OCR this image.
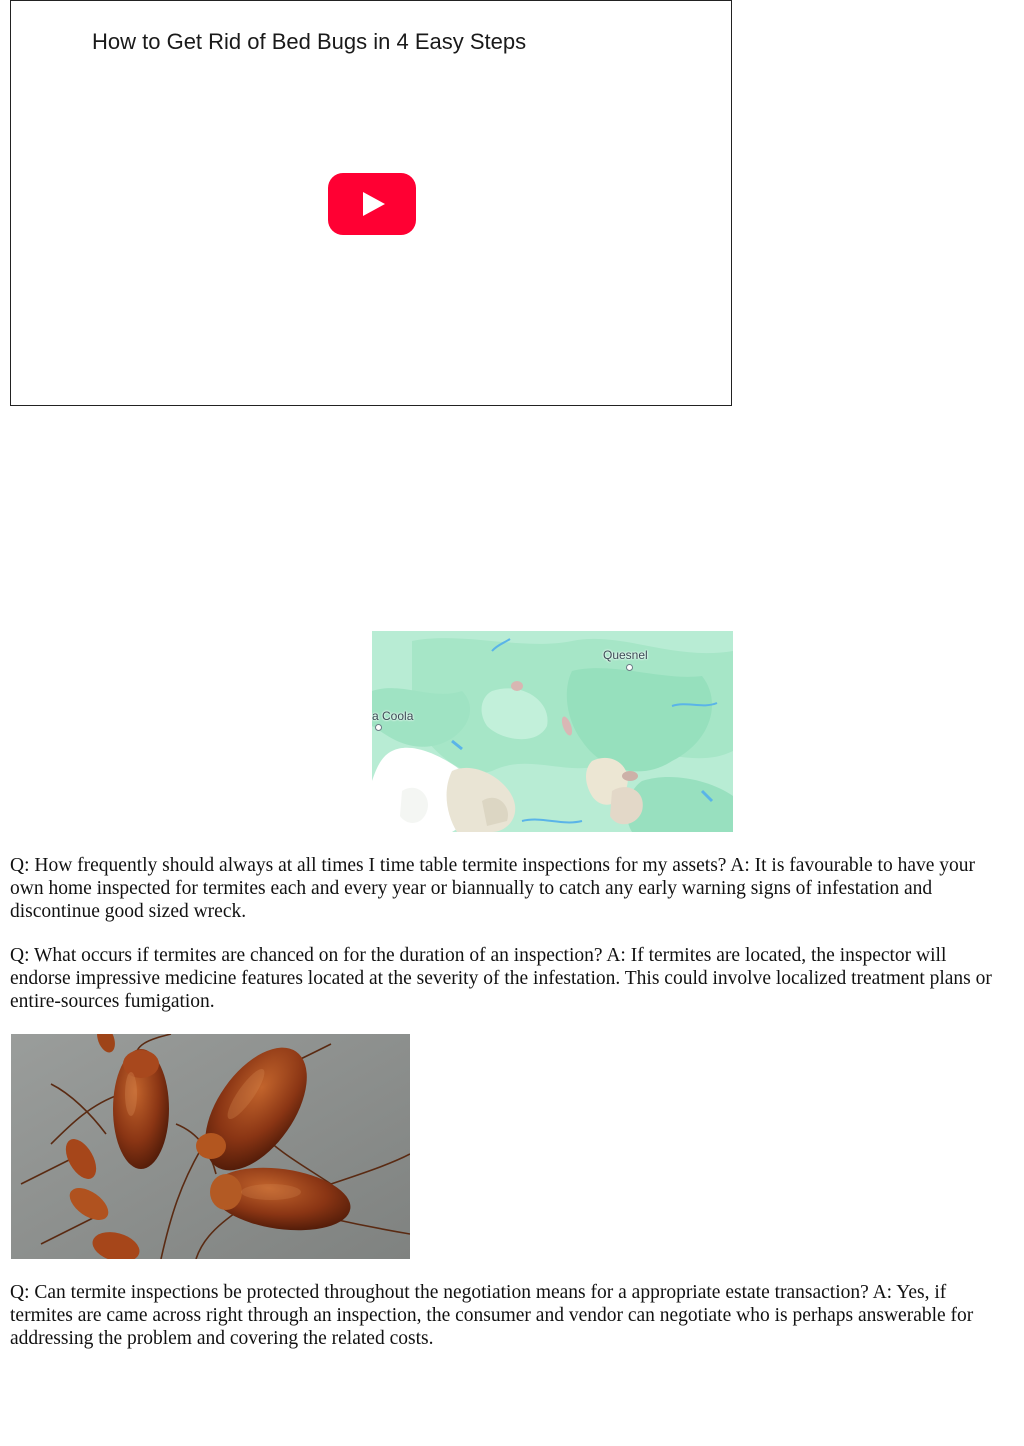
How to Get Rid of Bed Bugs in 4 Easy Steps
Quesnel
a Coola

Q: How frequently should always at all times I time table termite inspections for my assets? A: It is favourable to have your own home inspected for termites each and every year or biannually to catch any early warning signs of infestation and discontinue good sized wreck.

Q: What occurs if termites are chanced on for the duration of an inspection? A: If termites are located, the inspector will endorse impressive medicine features located at the severity of the infestation. This could involve localized treatment plans or entire-sources fumigation.

Q: Can termite inspections be protected throughout the negotiation means for a appropriate estate transaction? A: Yes, if termites are came across right through an inspection, the consumer and vendor can negotiate who is perhaps answerable for addressing the problem and covering the related costs.
